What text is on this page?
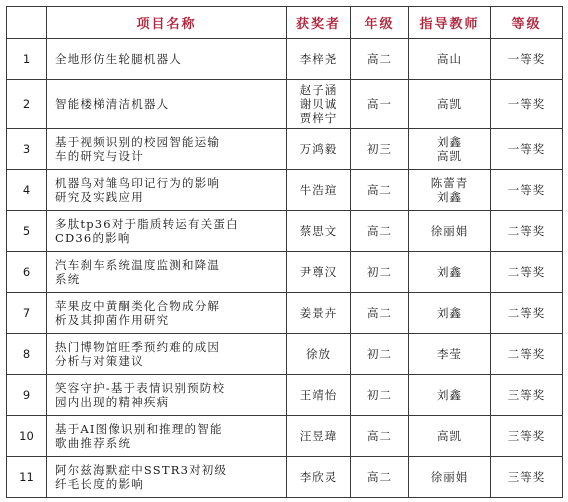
	项目名称	获奖者	年级	指导教师	等级
1	全地形仿生轮腿机器人	李梓尧	高二	高山	一等奖
2	智能楼梯清洁机器人	赵子涵
谢贝诚
贾梓宁	高一	高凯	一等奖
3	基于视频识别的校园智能运输
车的研究与设计	万鸿毅	初三	刘鑫
高凯	一等奖
4	机器鸟对雏鸟印记行为的影响
研究及实践应用	牛浩瑄	高二	陈蕾青
刘鑫	一等奖
5	多肽tp36对于脂质转运有关蛋白
CD36的影响	蔡思文	高二	徐丽娟	二等奖
6	汽车刹车系统温度监测和降温
系统	尹尊汉	初二	刘鑫	二等奖
7	苹果皮中黄酮类化合物成分解
析及其抑菌作用研究	姜景卉	高二	刘鑫	二等奖
8	热门博物馆旺季预约难的成因
分析与对策建议	徐放	初二	李莹	二等奖
9	笑容守护-基于表情识别预防校
园内出现的精神疾病	王靖怡	初二	刘鑫	三等奖
10	基于AI图像识别和推理的智能
歌曲推荐系统	汪昱瑋	高二	高凯	三等奖
11	阿尔兹海默症中SSTR3对初级
纤毛长度的影响	李欣灵	高二	徐丽娟	三等奖
